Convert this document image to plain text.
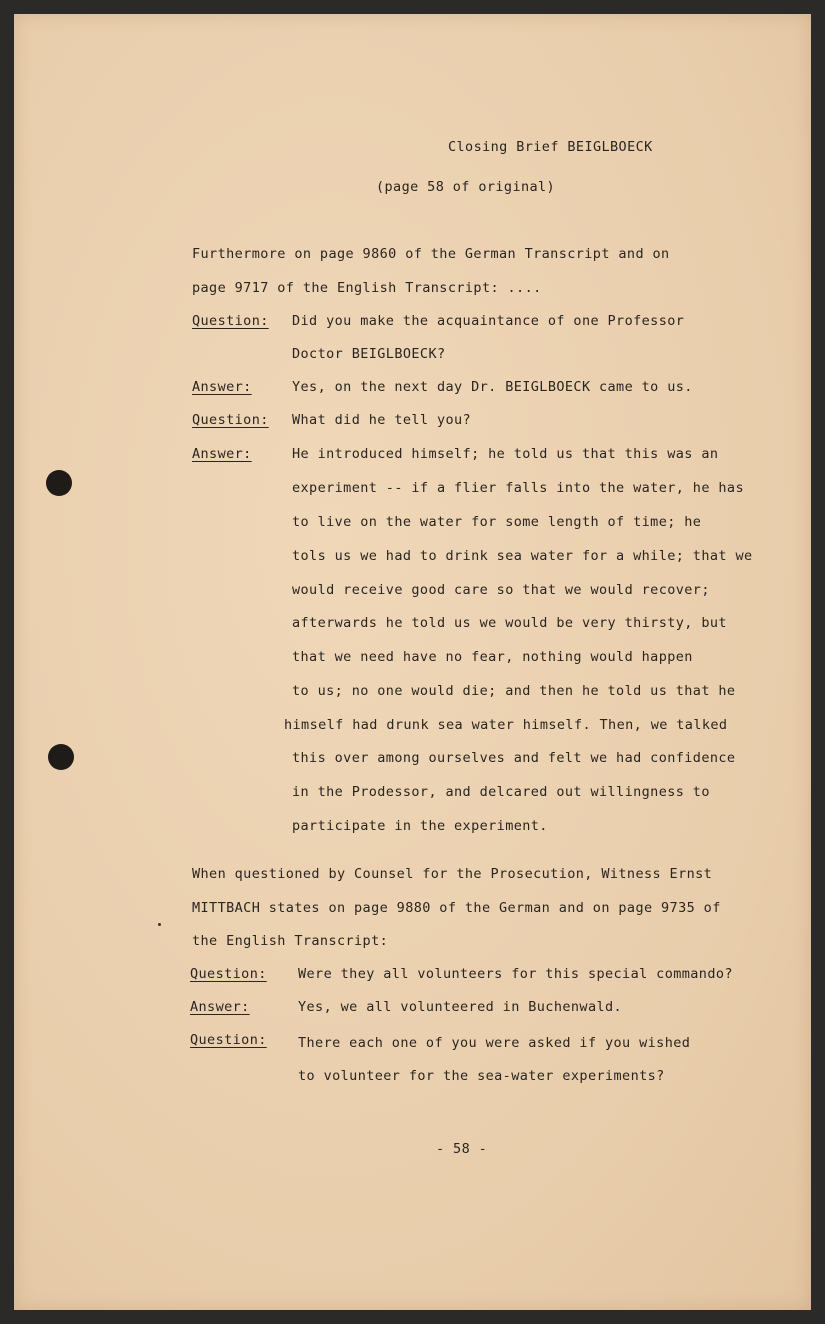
Closing Brief BEIGLBOECK
(page 58 of original)
Furthermore on page 9860 of the German Transcript and on
page 9717 of the English Transcript: ....
Question: Did you make the acquaintance of one Professor
Doctor BEIGLBOECK?
Answer:	Yes, on the next day Dr. BEIGLBOECK came to us.
Question: What did he tell you?
Answer:	He introduced himself; he told us that this was an
experiment -- if a flier falls into the water, he has
to live on the water for some length of time; he
tols us we had to drink sea water for a while; that we
would receive good care so that we would recover;
afterwards he told us we would be very thirsty, but
that we need have no fear, nothing would happen
to us; no one would die; and then he told us that he
himself had drunk sea water himself. Then, we talked
this over among ourselves and felt we had confidence
in the Prodessor, and delcared out willingness to
participate in the experiment.
When questioned by Counsel for the Prosecution, Witness Ernst
MITTBACH states on page 9880 of the German and on page 9735 of
the English Transcript:
Question: Were they all volunteers for this special commando?
Answer:	Yes, we all volunteered in Buchenwald.
Question: There each one of you were asked if you wished
to volunteer for the sea-water experiments?
- 58 -
